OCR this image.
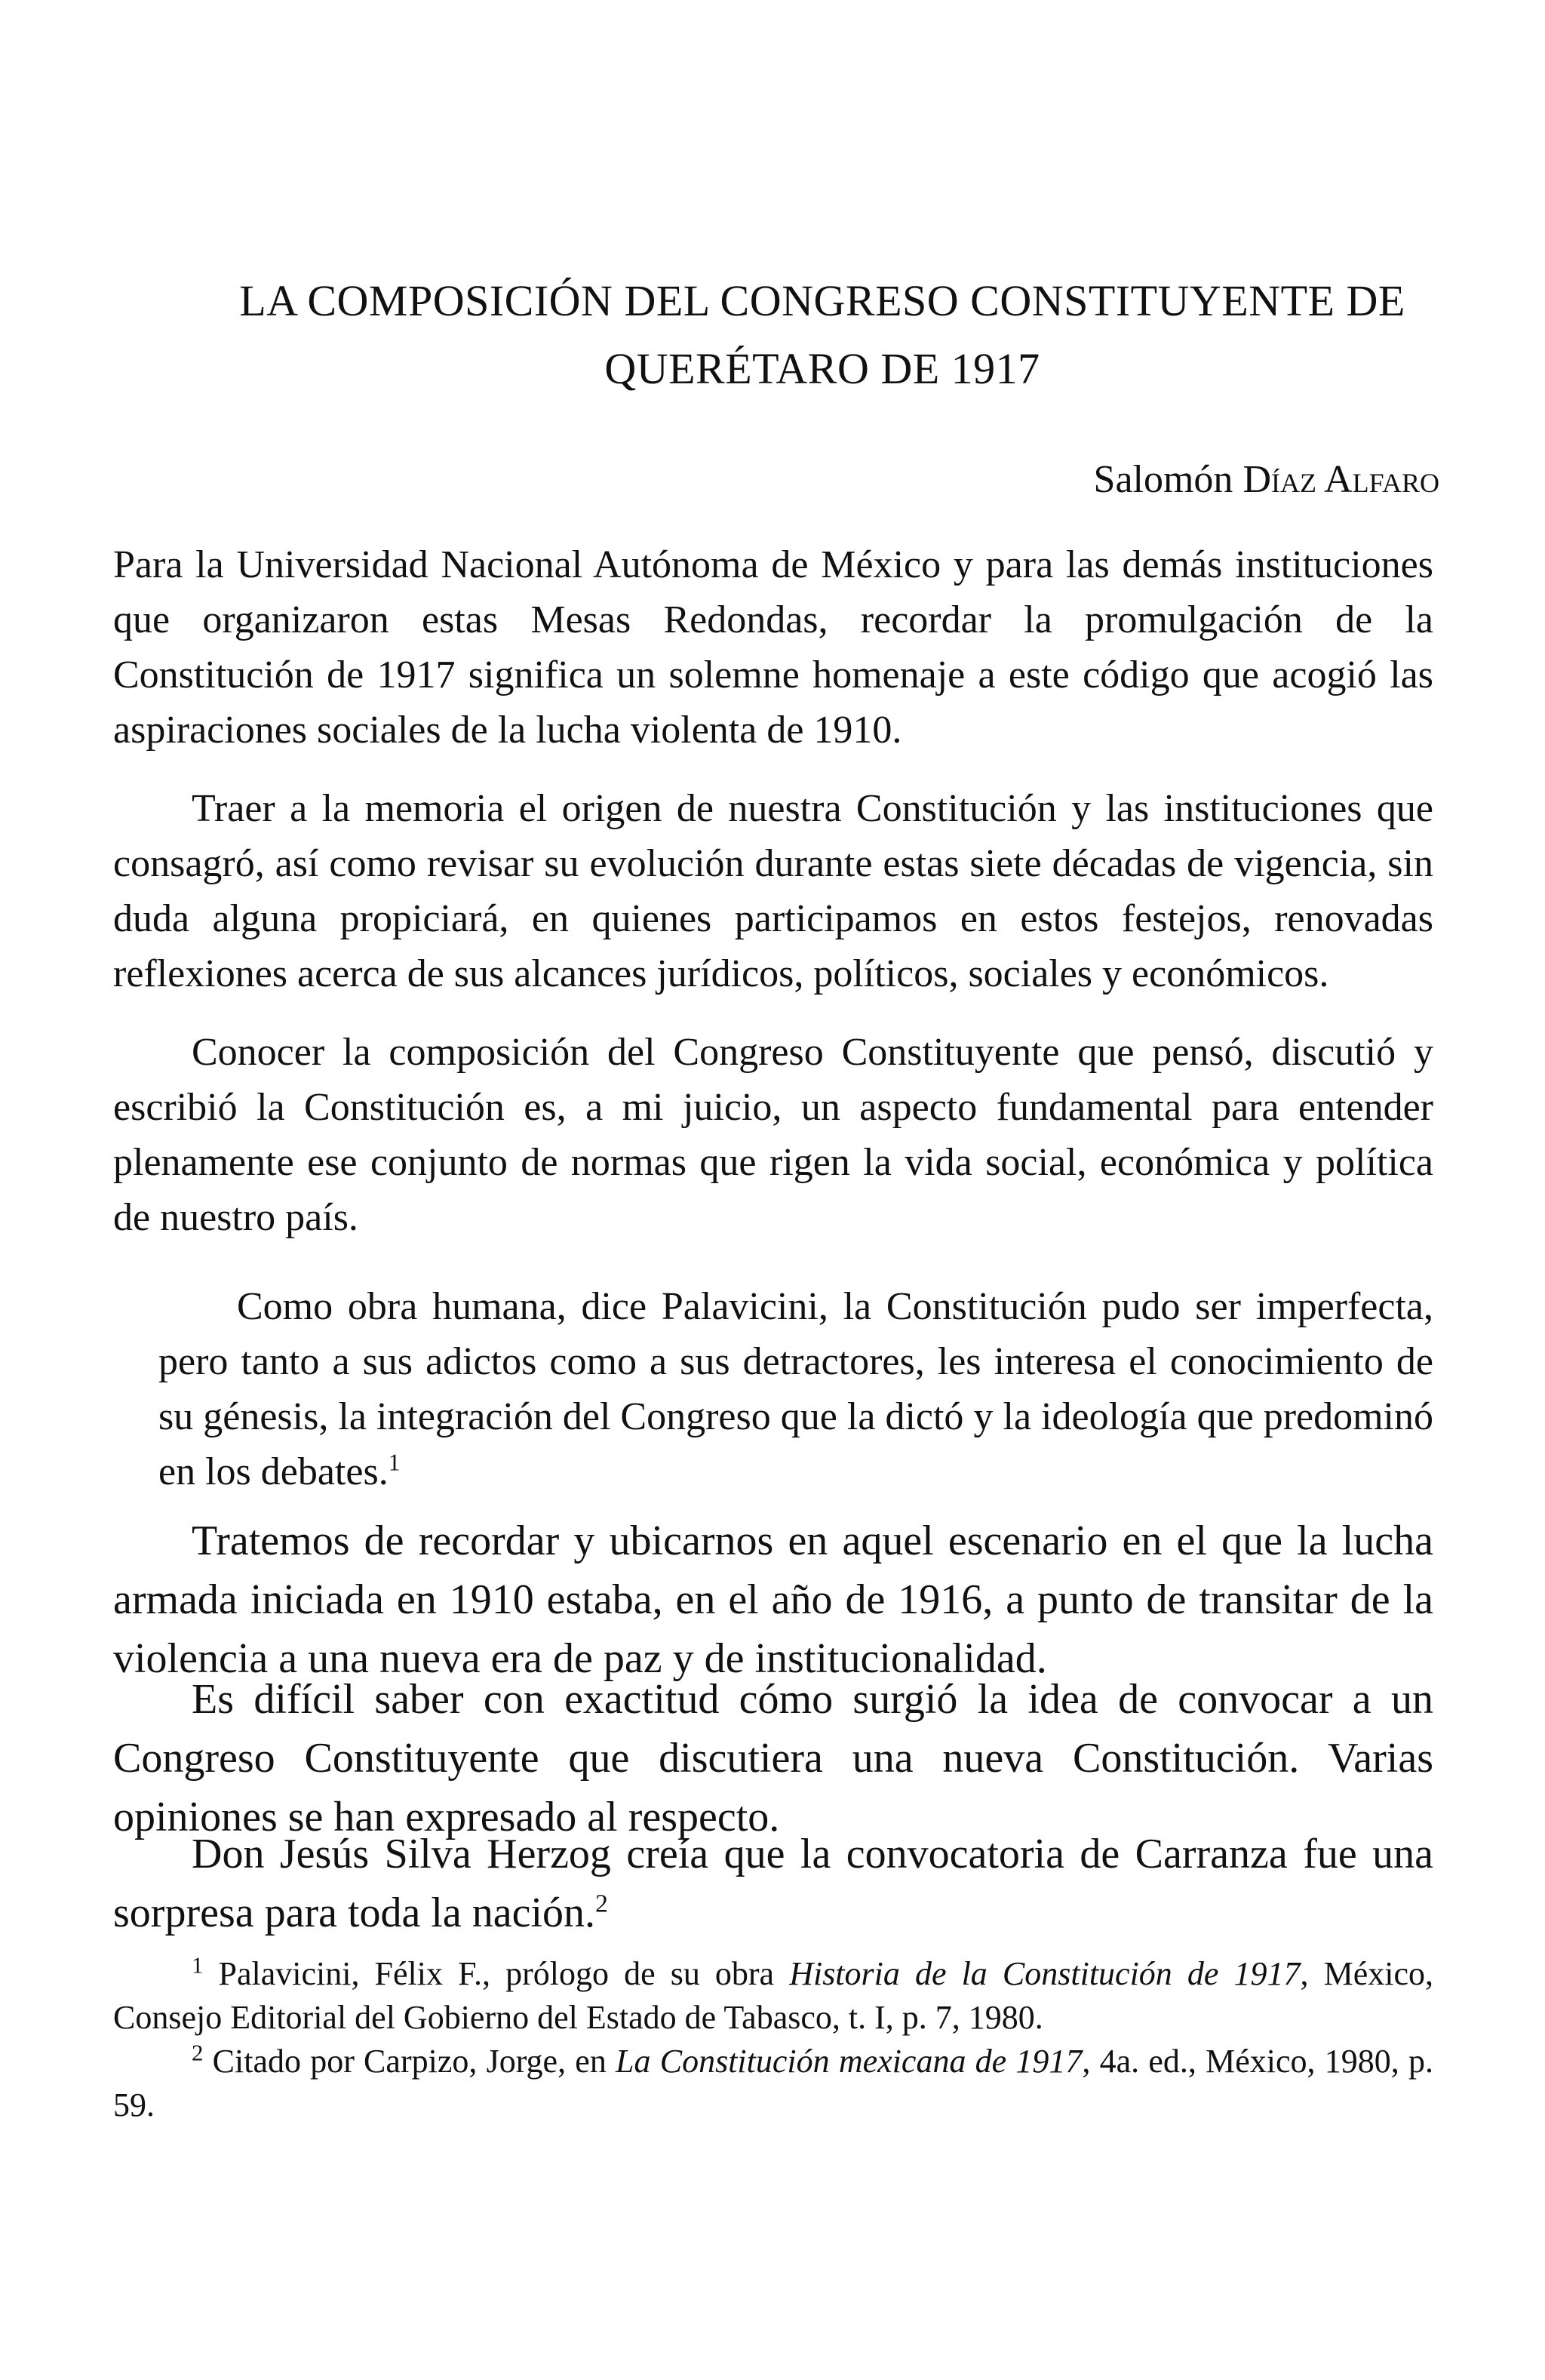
LA COMPOSICIÓN DEL CONGRESO CONSTITUYENTE DE
QUERÉTARO DE 1917

Salomón Díaz Alfaro

Para la Universidad Nacional Autónoma de México y para las demás instituciones que organizaron estas Mesas Redondas, recordar la promulgación de la Constitución de 1917 significa un solemne homenaje a este código que acogió las aspiraciones sociales de la lucha violenta de 1910.

Traer a la memoria el origen de nuestra Constitución y las instituciones que consagró, así como revisar su evolución durante estas siete décadas de vigencia, sin duda alguna propiciará, en quienes participamos en estos festejos, renovadas reflexiones acerca de sus alcances jurídicos, políticos, sociales y económicos.

Conocer la composición del Congreso Constituyente que pensó, discutió y escribió la Constitución es, a mi juicio, un aspecto fundamental para entender plenamente ese conjunto de normas que rigen la vida social, económica y política de nuestro país.

Como obra humana, dice Palavicini, la Constitución pudo ser imperfecta, pero tanto a sus adictos como a sus detractores, les interesa el conocimiento de su génesis, la integración del Congreso que la dictó y la ideología que predominó en los debates.$^1$

Tratemos de recordar y ubicarnos en aquel escenario en el que la lucha armada iniciada en 1910 estaba, en el año de 1916, a punto de transitar de la violencia a una nueva era de paz y de institucionalidad.

Es difícil saber con exactitud cómo surgió la idea de convocar a un Congreso Constituyente que discutiera una nueva Constitución. Varias opiniones se han expresado al respecto.

Don Jesús Silva Herzog creía que la convocatoria de Carranza fue una sorpresa para toda la nación.$^2$

$^1$ Palavicini, Félix F., prólogo de su obra Historia de la Constitución de 1917, México, Consejo Editorial del Gobierno del Estado de Tabasco, t. I, p. 7, 1980.

$^2$ Citado por Carpizo, Jorge, en La Constitución mexicana de 1917, 4a. ed., México, 1980, p. 59.
